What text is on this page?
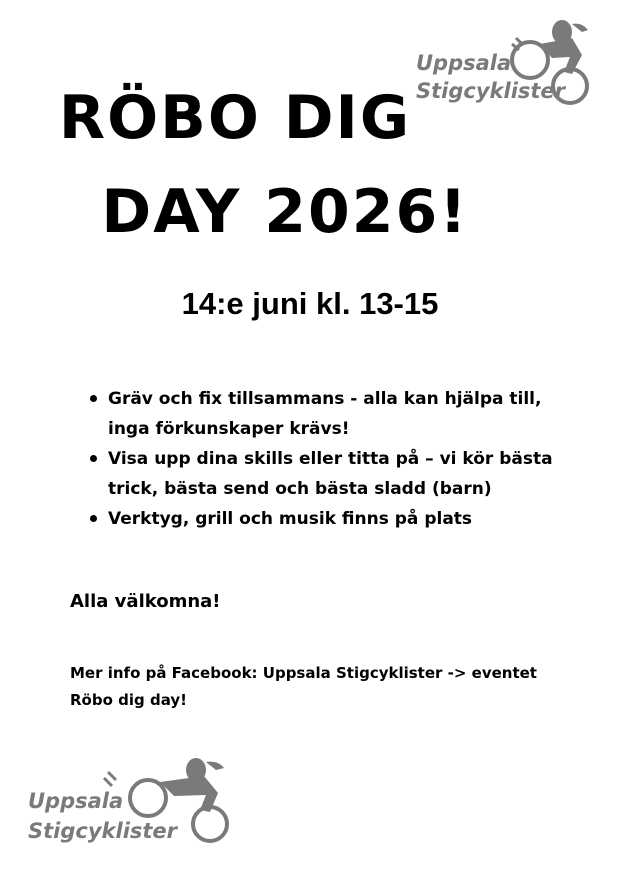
Uppsala
Stigcyklister
RÖBO DIG
DAY 2026!

14:e juni kl. 13-15

Gräv och fix tillsammans - alla kan hjälpa till, inga förkunskaper krävs!
Visa upp dina skills eller titta på – vi kör bästa trick, bästa send och bästa sladd (barn)
Verktyg, grill och musik finns på plats

Alla välkomna!

Mer info på Facebook: Uppsala Stigcyklister -> eventet Röbo dig day!

Uppsala
Stigcyklister
